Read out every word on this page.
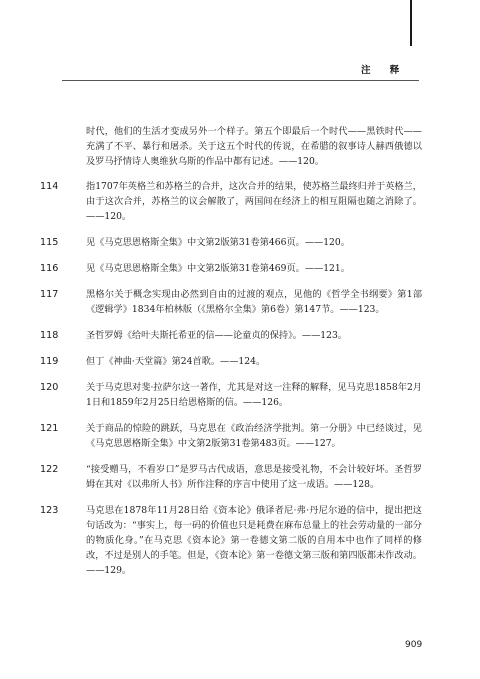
注 释
时代，他们的生活才变成另外一个样子。第五个即最后一个时代——黑铁时代——充满了不平、暴行和屠杀。关于这五个时代的传说，在希腊的叙事诗人赫西俄德以及罗马抒情诗人奥维狄乌斯的作品中都有记述。——120。
114	指1707年英格兰和苏格兰的合并，这次合并的结果，使苏格兰最终归并于英格兰，由于这次合并，苏格兰的议会解散了，两国间在经济上的相互阻隔也随之消除了。——120。
115	见《马克思恩格斯全集》中文第2版第31卷第466页。——120。
116	见《马克思恩格斯全集》中文第2版第31卷第469页。——121。
117	黑格尔关于概念实现由必然到自由的过渡的观点，见他的《哲学全书纲要》第1部《逻辑学》1834年柏林版（《黑格尔全集》第6卷）第147节。——123。
118	圣哲罗姆《给叶夫斯托希亚的信——论童贞的保持》。——123。
119	但丁《神曲·天堂篇》第24首歌。——124。
120	关于马克思对斐·拉萨尔这一著作，尤其是对这一注释的解释，见马克思1858年2月1日和1859年2月25日给恩格斯的信。——126。
121	关于商品的惊险的跳跃，马克思在《政治经济学批判。第一分册》中已经谈过，见《马克思恩格斯全集》中文第2版第31卷第483页。——127。
122	“接受赠马，不看岁口”是罗马古代成语，意思是接受礼物，不会计较好坏。圣哲罗姆在其对《以弗所人书》所作注释的序言中使用了这一成语。——128。
123	马克思在1878年11月28日给《资本论》俄译者尼·弗·丹尼尔逊的信中，提出把这句话改为：“事实上，每一码的价值也只是耗费在麻布总量上的社会劳动量的一部分的物质化身。”在马克思《资本论》第一卷德文第二版的自用本中也作了同样的修改，不过是别人的手笔。但是，《资本论》第一卷德文第三版和第四版都未作改动。——129。
909
